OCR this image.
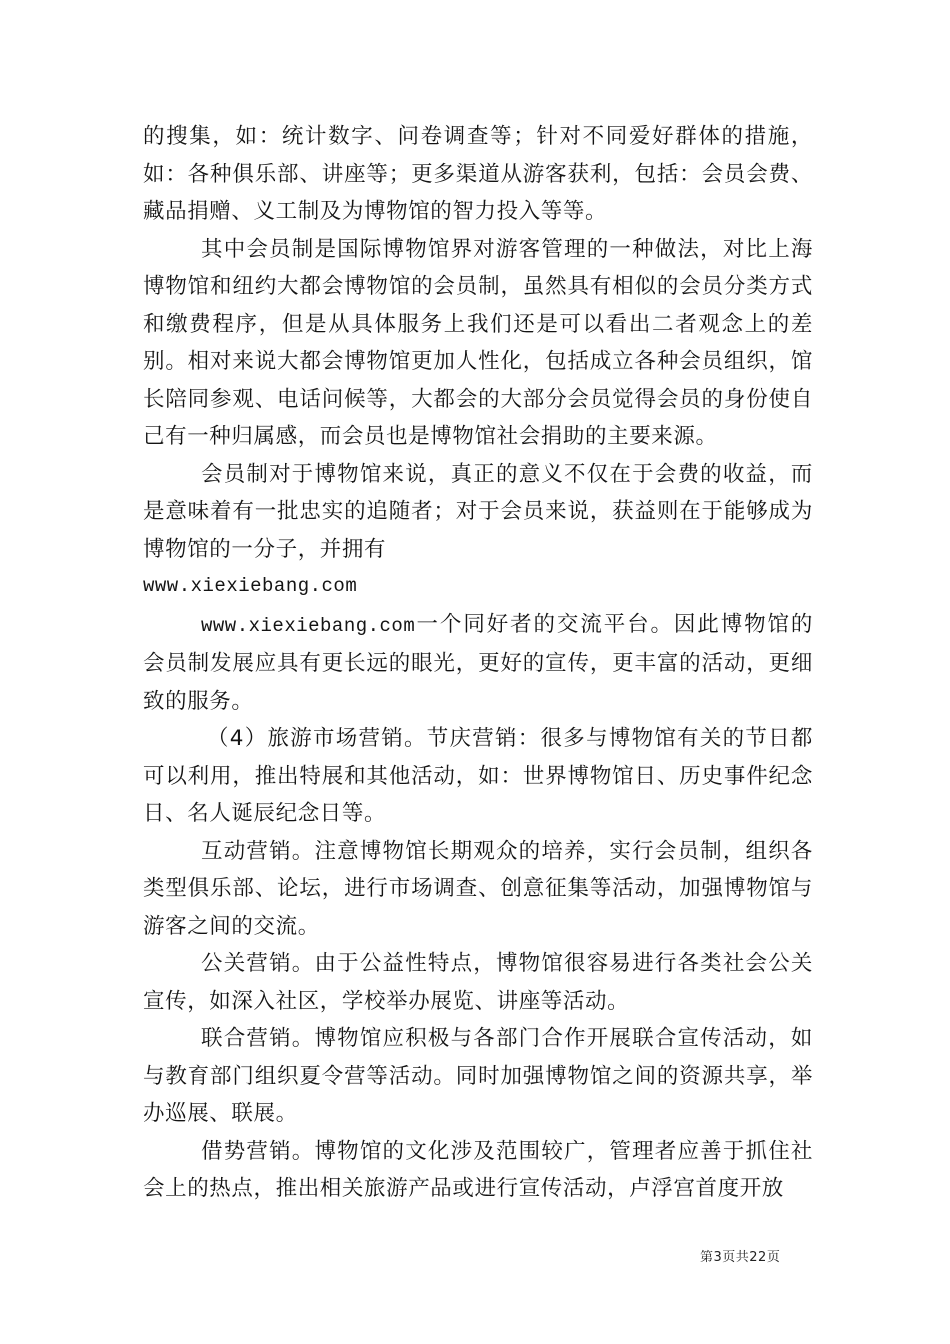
的搜集，如：统计数字、问卷调查等；针对不同爱好群体的措施，如：各种俱乐部、讲座等；更多渠道从游客获利，包括：会员会费、藏品捐赠、义工制及为博物馆的智力投入等等。

其中会员制是国际博物馆界对游客管理的一种做法，对比上海博物馆和纽约大都会博物馆的会员制，虽然具有相似的会员分类方式和缴费程序，但是从具体服务上我们还是可以看出二者观念上的差别。相对来说大都会博物馆更加人性化，包括成立各种会员组织，馆长陪同参观、电话问候等，大都会的大部分会员觉得会员的身份使自己有一种归属感，而会员也是博物馆社会捐助的主要来源。

会员制对于博物馆来说，真正的意义不仅在于会费的收益，而是意味着有一批忠实的追随者；对于会员来说，获益则在于能够成为博物馆的一分子，并拥有

www.xiexiebang.com

www.xiexiebang.com一个同好者的交流平台。因此博物馆的会员制发展应具有更长远的眼光，更好的宣传，更丰富的活动，更细致的服务。

（4）旅游市场营销。节庆营销：很多与博物馆有关的节日都可以利用，推出特展和其他活动，如：世界博物馆日、历史事件纪念日、名人诞辰纪念日等。

互动营销。注意博物馆长期观众的培养，实行会员制，组织各类型俱乐部、论坛，进行市场调查、创意征集等活动，加强博物馆与游客之间的交流。

公关营销。由于公益性特点，博物馆很容易进行各类社会公关宣传，如深入社区，学校举办展览、讲座等活动。

联合营销。博物馆应积极与各部门合作开展联合宣传活动，如与教育部门组织夏令营等活动。同时加强博物馆之间的资源共享，举办巡展、联展。

借势营销。博物馆的文化涉及范围较广，管理者应善于抓住社会上的热点，推出相关旅游产品或进行宣传活动，卢浮宫首度开放

第3页共22页
